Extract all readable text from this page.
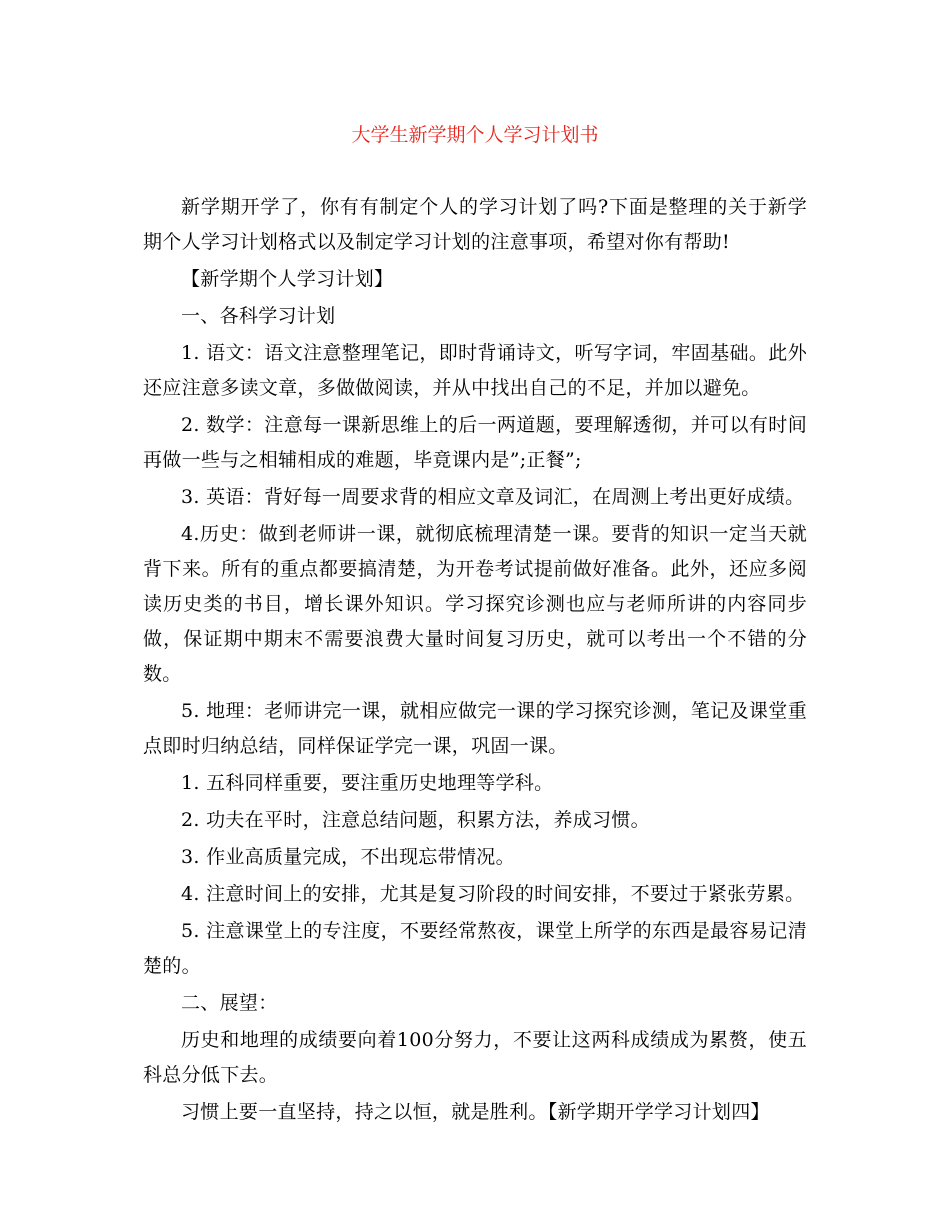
大学生新学期个人学习计划书

新学期开学了，你有有制定个人的学习计划了吗?下面是整理的关于新学期个人学习计划格式以及制定学习计划的注意事项，希望对你有帮助!

【新学期个人学习计划】

一、各科学习计划

1. 语文：语文注意整理笔记，即时背诵诗文，听写字词，牢固基础。此外还应注意多读文章，多做做阅读，并从中找出自己的不足，并加以避免。

2. 数学：注意每一课新思维上的后一两道题，要理解透彻，并可以有时间再做一些与之相辅相成的难题，毕竟课内是”;正餐”;

3. 英语：背好每一周要求背的相应文章及词汇，在周测上考出更好成绩。

4.历史：做到老师讲一课，就彻底梳理清楚一课。要背的知识一定当天就背下来。所有的重点都要搞清楚，为开卷考试提前做好准备。此外，还应多阅读历史类的书目，增长课外知识。学习探究诊测也应与老师所讲的内容同步做，保证期中期末不需要浪费大量时间复习历史，就可以考出一个不错的分数。

5. 地理：老师讲完一课，就相应做完一课的学习探究诊测，笔记及课堂重点即时归纳总结，同样保证学完一课，巩固一课。

1. 五科同样重要，要注重历史地理等学科。

2. 功夫在平时，注意总结问题，积累方法，养成习惯。

3. 作业高质量完成，不出现忘带情况。

4. 注意时间上的安排，尤其是复习阶段的时间安排，不要过于紧张劳累。

5. 注意课堂上的专注度，不要经常熬夜，课堂上所学的东西是最容易记清楚的。

二、展望：

历史和地理的成绩要向着100分努力，不要让这两科成绩成为累赘，使五科总分低下去。

习惯上要一直坚持，持之以恒，就是胜利。【新学期开学学习计划四】
